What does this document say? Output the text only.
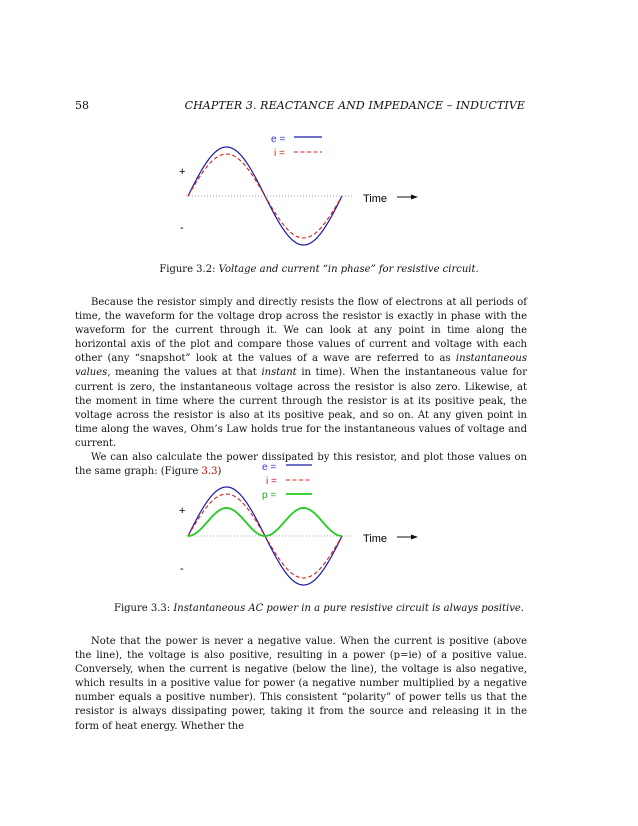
58	CHAPTER 3. REACTANCE AND IMPEDANCE – INDUCTIVE
+
-
e =
i =
Time
Figure 3.2: Voltage and current “in phase” for resistive circuit.

Because the resistor simply and directly resists the flow of electrons at all periods of time, the waveform for the voltage drop across the resistor is exactly in phase with the waveform for the current through it. We can look at any point in time along the horizontal axis of the plot and compare those values of current and voltage with each other (any “snapshot” look at the values of a wave are referred to as instantaneous values, meaning the values at that instant in time). When the instantaneous value for current is zero, the instantaneous voltage across the resistor is also zero. Likewise, at the moment in time where the current through the resistor is at its positive peak, the voltage across the resistor is also at its positive peak, and so on. At any given point in time along the waves, Ohm’s Law holds true for the instantaneous values of voltage and current.

We can also calculate the power dissipated by this resistor, and plot those values on the same graph: (Figure 3.3)

+
-
e =
i =
p =
Time
Figure 3.3: Instantaneous AC power in a pure resistive circuit is always positive.

Note that the power is never a negative value. When the current is positive (above the line), the voltage is also positive, resulting in a power (p=ie) of a positive value. Conversely, when the current is negative (below the line), the voltage is also negative, which results in a positive value for power (a negative number multiplied by a negative number equals a positive number). This consistent “polarity” of power tells us that the resistor is always dissipating power, taking it from the source and releasing it in the form of heat energy. Whether the
